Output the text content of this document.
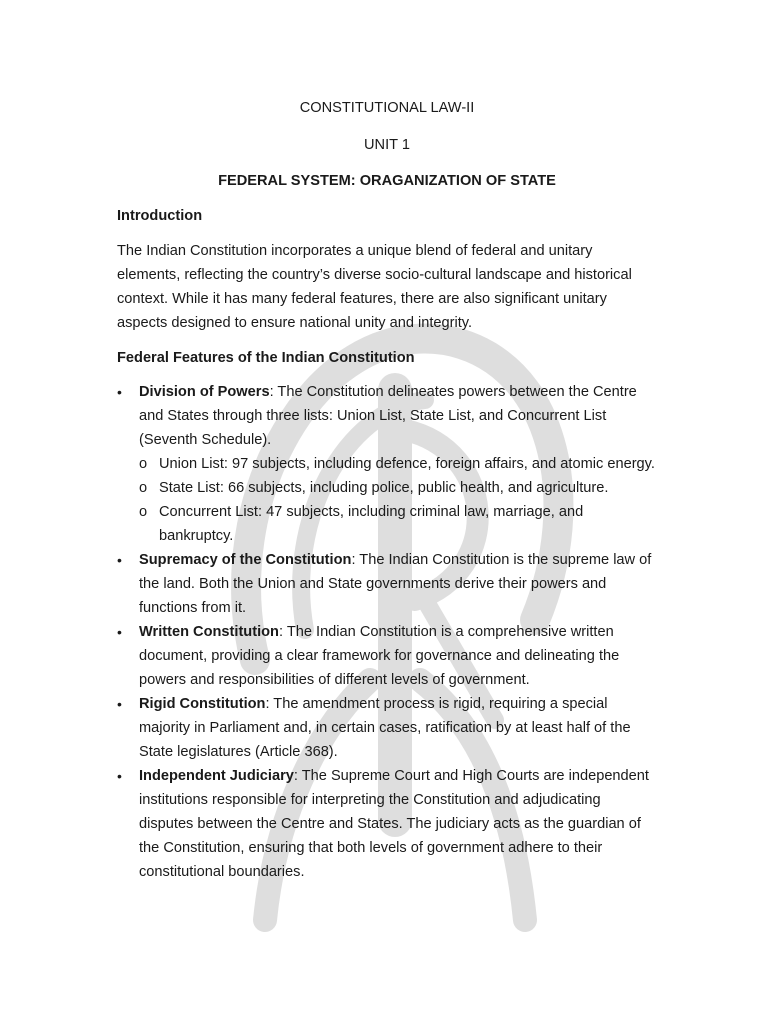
CONSTITUTIONAL LAW-II
UNIT 1
FEDERAL SYSTEM: ORAGANIZATION OF STATE
Introduction
The Indian Constitution incorporates a unique blend of federal and unitary elements, reflecting the country’s diverse socio-cultural landscape and historical context. While it has many federal features, there are also significant unitary aspects designed to ensure national unity and integrity.
Federal Features of the Indian Constitution
• Division of Powers: The Constitution delineates powers between the Centre and States through three lists: Union List, State List, and Concurrent List (Seventh Schedule).
o Union List: 97 subjects, including defence, foreign affairs, and atomic energy.
o State List: 66 subjects, including police, public health, and agriculture.
o Concurrent List: 47 subjects, including criminal law, marriage, and bankruptcy.
• Supremacy of the Constitution: The Indian Constitution is the supreme law of the land. Both the Union and State governments derive their powers and functions from it.
• Written Constitution: The Indian Constitution is a comprehensive written document, providing a clear framework for governance and delineating the powers and responsibilities of different levels of government.
• Rigid Constitution: The amendment process is rigid, requiring a special majority in Parliament and, in certain cases, ratification by at least half of the State legislatures (Article 368).
• Independent Judiciary: The Supreme Court and High Courts are independent institutions responsible for interpreting the Constitution and adjudicating disputes between the Centre and States. The judiciary acts as the guardian of the Constitution, ensuring that both levels of government adhere to their constitutional boundaries.
